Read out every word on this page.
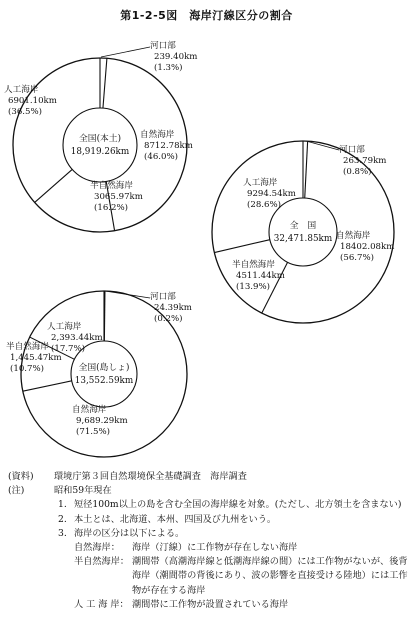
第1-2-5図　海岸汀線区分の割合
河口部
239.40km
(1.3%)
自然海岸
8712.78km
(46.0%)
半自然海岸
3065.97km
(16.2%)
人工海岸
6901.10km
(36.5%)
全国(本土)
18,919.26km	河口部
263.79km
(0.8%)
自然海岸
18402.08km
(56.7%)
半自然海岸
4511.44km
(13.9%)
人工海岸
9294.54km
(28.6%)
全　国
32,471.85km
河口部
24.39km
(0.2%)
自然海岸
9,689.29km
(71.5%)
半自然海岸
1,445.47km
(10.7%)
人工海岸
2,393.44km
(17.7%)
全国(島しょ)
13,552.59km
(資料) 環境庁第３回自然環境保全基礎調査　海岸調査
(注)	昭和59年現在
1. 短径100m以上の島を含む全国の海岸線を対象。(ただし、北方領土を含まない)
2. 本土とは、北海道、本州、四国及び九州をいう。
3. 海岸の区分は以下による。
自然海岸： 海岸（汀線）に工作物が存在しない海岸
半自然海岸： 潮間帯（高潮海岸線と低潮海岸線の間）には工作物がないが、後背海岸（潮間帯の背後にあり、波の影響を直接受ける陸地）には工作物が存在する海岸
人 工 海 岸： 潮間帯に工作物が設置されている海岸
